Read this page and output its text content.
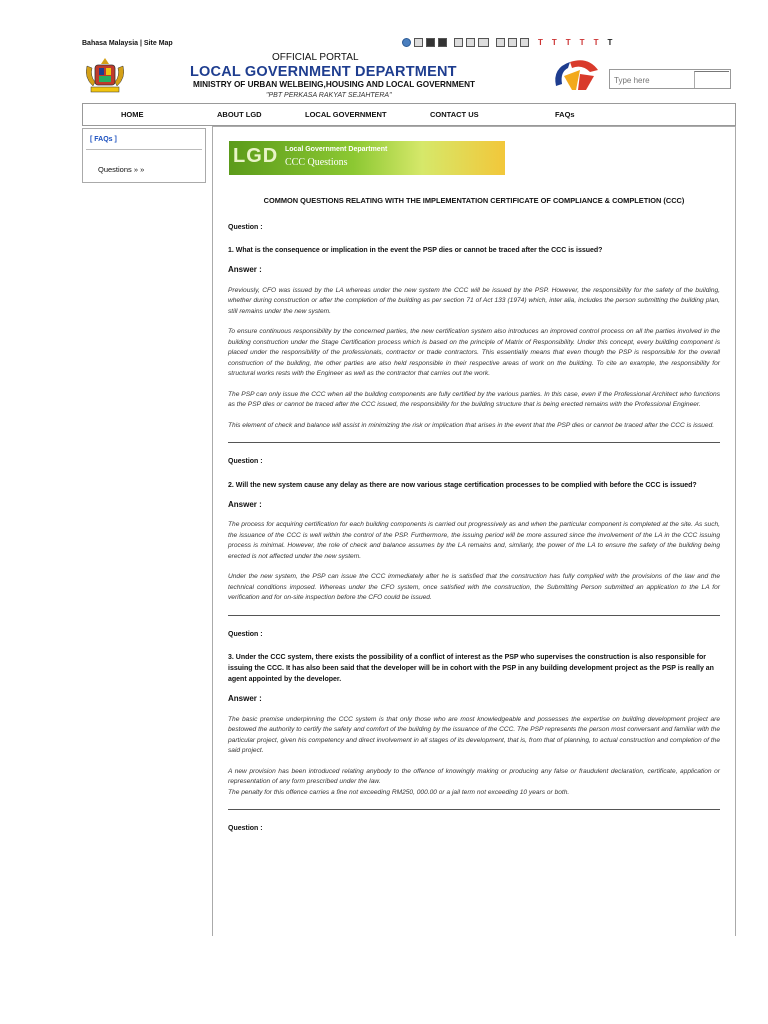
Bahasa Malaysia | Site Map	T T T T T T
OFFICIAL PORTAL
LOCAL GOVERNMENT DEPARTMENT
MINISTRY OF URBAN WELBEING,HOUSING AND LOCAL GOVERNMENT
"PBT PERKASA RAKYAT SEJAHTERA"
Type here
HOME	ABOUT LGD	LOCAL GOVERNMENT	CONTACT US	FAQs
[ FAQs ]
Questions » »
LGD Local Government Department
CCC Questions
COMMON QUESTIONS RELATING WITH THE IMPLEMENTATION CERTIFICATE OF COMPLIANCE & COMPLETION (CCC)
Question :
1. What is the consequence or implication in the event the PSP dies or cannot be traced after the CCC is issued?
Answer :

Previously, CFO was issued by the LA whereas under the new system the CCC will be issued by the PSP. However, the responsibility for the safety of the building, whether during construction or after the completion of the building as per section 71 of Act 133 (1974) which, inter alia, includes the person submitting the building plan, still remains under the new system.

To ensure continuous responsibility by the concerned parties, the new certification system also introduces an improved control process on all the parties involved in the building construction under the Stage Certification process which is based on the principle of Matrix of Responsibility. Under this concept, every building component is placed under the responsibility of the professionals, contractor or trade contractors. This essentially means that even though the PSP is responsible for the overall construction of the building, the other parties are also held responsible in their respective areas of work on the building. To cite an example, the responsibility for structural works rests with the Engineer as well as the contractor that carries out the work.

The PSP can only issue the CCC when all the building components are fully certified by the various parties. In this case, even if the Professional Architect who functions as the PSP dies or cannot be traced after the CCC issued, the responsibility for the building structure that is being erected remains with the Professional Engineer.

This element of check and balance will assist in minimizing the risk or implication that arises in the event that the PSP dies or cannot be traced after the CCC is issued.

Question :
2. Will the new system cause any delay as there are now various stage certification processes to be complied with before the CCC is issued?
Answer :

The process for acquiring certification for each building components is carried out progressively as and when the particular component is completed at the site. As such, the issuance of the CCC is well within the control of the PSP. Furthermore, the issuing period will be more assured since the involvement of the LA in the CCC issuing process is minimal. However, the role of check and balance assumes by the LA remains and, similarly, the power of the LA to ensure the safety of the building being erected is not affected under the new system.

Under the new system, the PSP can issue the CCC immediately after he is satisfied that the construction has fully complied with the provisions of the law and the technical conditions imposed. Whereas under the CFO system, once satisfied with the construction, the Submitting Person submitted an application to the LA for verification and for on-site inspection before the CFO could be issued.

Question :
3. Under the CCC system, there exists the possibility of a conflict of interest as the PSP who supervises the construction is also responsible for issuing the CCC. It has also been said that the developer will be in cohort with the PSP in any building development project as the PSP is really an agent appointed by the developer.
Answer :

The basic premise underpinning the CCC system is that only those who are most knowledgeable and possesses the expertise on building development project are bestowed the authority to certify the safety and comfort of the building by the issuance of the CCC. The PSP represents the person most conversant and familiar with the particular project, given his competency and direct involvement in all stages of its development, that is, from that of planning, to actual construction and completion of the said project.

A new provision has been introduced relating anybody to the offence of knowingly making or producing any false or fraudulent declaration, certificate, application or representation of any form prescribed under the law.

The penalty for this offence carries a fine not exceeding RM250, 000.00 or a jail term not exceeding 10 years or both.

Question :
